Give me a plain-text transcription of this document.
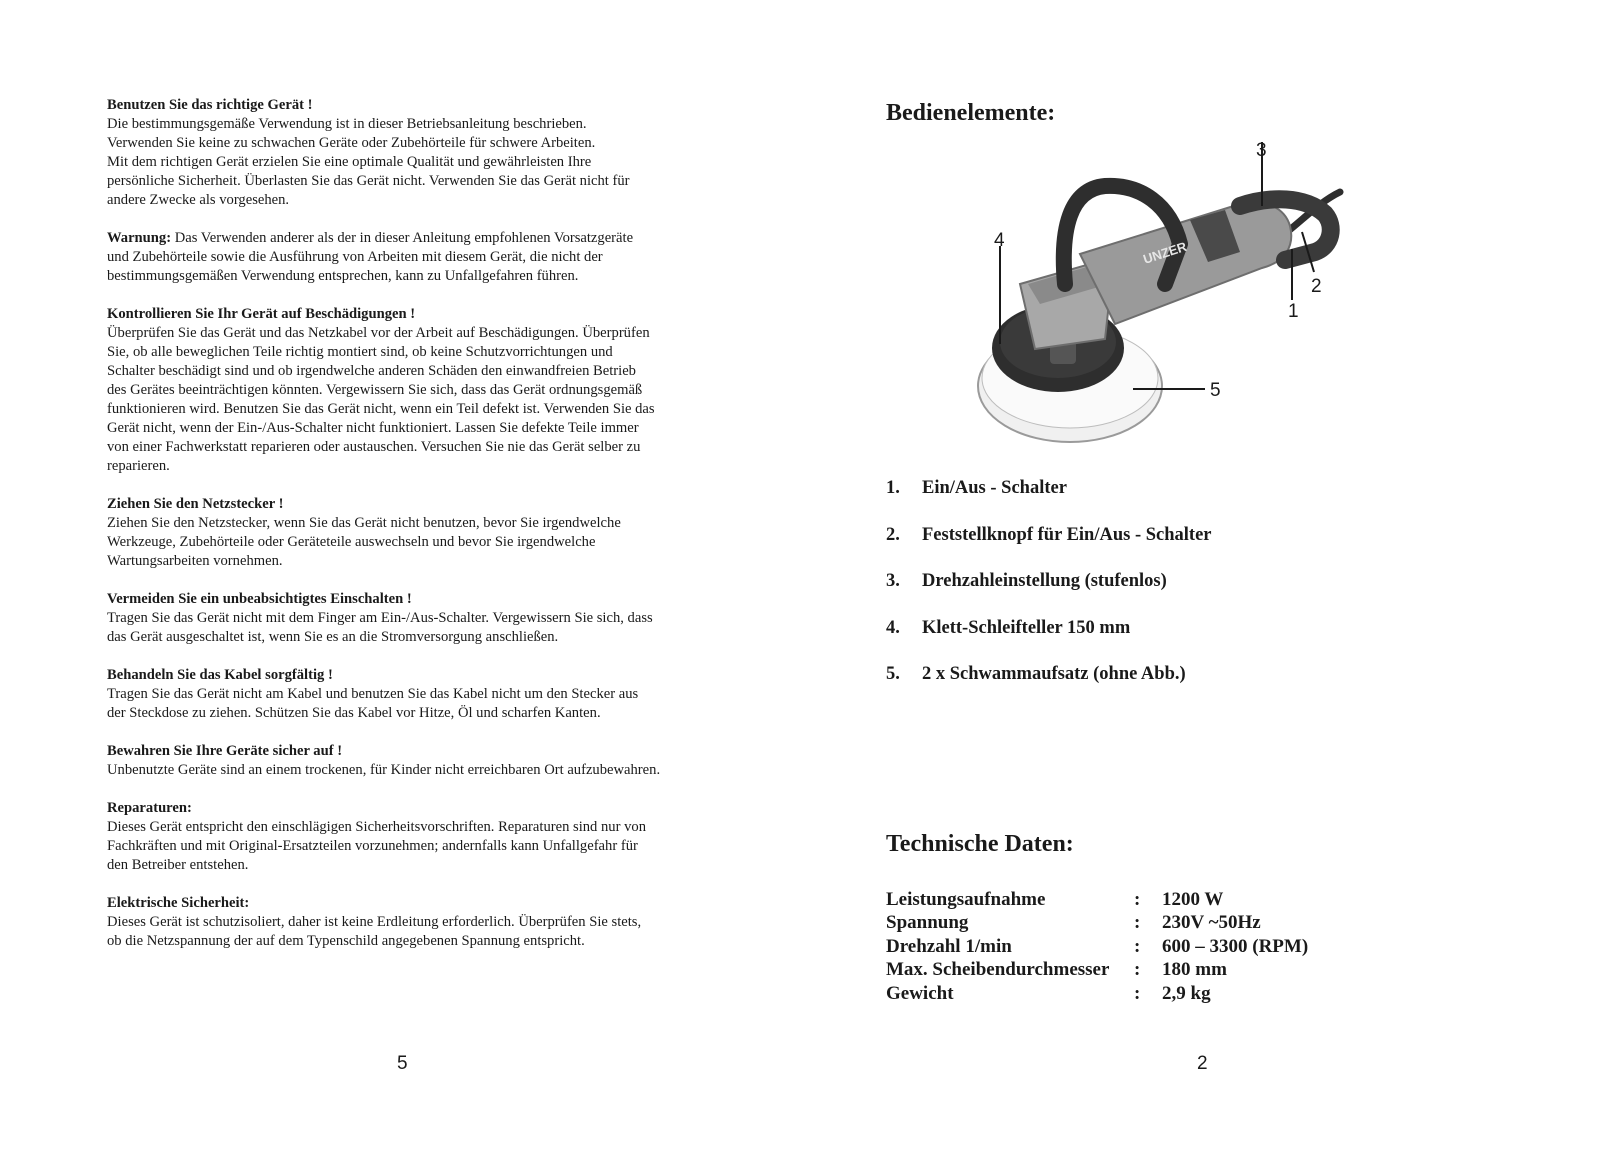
Benutzen Sie das richtige Gerät !
Die bestimmungsgemäße Verwendung ist in dieser Betriebsanleitung beschrieben.
Verwenden Sie keine zu schwachen Geräte oder Zubehörteile für schwere Arbeiten.
Mit dem richtigen Gerät erzielen Sie eine optimale Qualität und gewährleisten Ihre
persönliche Sicherheit. Überlasten Sie das Gerät nicht. Verwenden Sie das Gerät nicht für
andere Zwecke als vorgesehen.
Warnung: Das Verwenden anderer als der in dieser Anleitung empfohlenen Vorsatzgeräte
und Zubehörteile sowie die Ausführung von Arbeiten mit diesem Gerät, die nicht der
bestimmungsgemäßen Verwendung entsprechen, kann zu Unfallgefahren führen.
Kontrollieren Sie Ihr Gerät auf Beschädigungen !
Überprüfen Sie das Gerät und das Netzkabel vor der Arbeit auf Beschädigungen. Überprüfen
Sie, ob alle beweglichen Teile richtig montiert sind, ob keine Schutzvorrichtungen und
Schalter beschädigt sind und ob irgendwelche anderen Schäden den einwandfreien Betrieb
des Gerätes beeinträchtigen könnten. Vergewissern Sie sich, dass das Gerät ordnungsgemäß
funktionieren wird. Benutzen Sie das Gerät nicht, wenn ein Teil defekt ist. Verwenden Sie das
Gerät nicht, wenn der Ein-/Aus-Schalter nicht funktioniert. Lassen Sie defekte Teile immer
von einer Fachwerkstatt reparieren oder austauschen. Versuchen Sie nie das Gerät selber zu
reparieren.
Ziehen Sie den Netzstecker !
Ziehen Sie den Netzstecker, wenn Sie das Gerät nicht benutzen, bevor Sie irgendwelche
Werkzeuge, Zubehörteile oder Geräteteile auswechseln und bevor Sie irgendwelche
Wartungsarbeiten vornehmen.
Vermeiden Sie ein unbeabsichtigtes Einschalten !
Tragen Sie das Gerät nicht mit dem Finger am Ein-/Aus-Schalter. Vergewissern Sie sich, dass
das Gerät ausgeschaltet ist, wenn Sie es an die Stromversorgung anschließen.
Behandeln Sie das Kabel sorgfältig !
Tragen Sie das Gerät nicht am Kabel und benutzen Sie das Kabel nicht um den Stecker aus
der Steckdose zu ziehen. Schützen Sie das Kabel vor Hitze, Öl und scharfen Kanten.
Bewahren Sie Ihre Geräte sicher auf !
Unbenutzte Geräte sind an einem trockenen, für Kinder nicht erreichbaren Ort aufzubewahren.
Reparaturen:
Dieses Gerät entspricht den einschlägigen Sicherheitsvorschriften. Reparaturen sind nur von
Fachkräften und mit Original-Ersatzteilen vorzunehmen; andernfalls kann Unfallgefahr für
den Betreiber entstehen.
Elektrische Sicherheit:
Dieses Gerät ist schutzisoliert, daher ist keine Erdleitung erforderlich. Überprüfen Sie stets,
ob die Netzspannung der auf dem Typenschild angegebenen Spannung entspricht.
5
Bedienelemente:
UNZER
1
2
3
4
5
1.	Ein/Aus - Schalter
2.	Feststellknopf für Ein/Aus - Schalter
3.	Drehzahleinstellung (stufenlos)
4.	Klett-Schleifteller 150 mm
5.	2 x Schwammaufsatz (ohne Abb.)
Technische Daten:
Leistungsaufnahme	:	1200 W
Spannung	:	230V ~50Hz
Drehzahl 1/min	:	600 – 3300 (RPM)
Max. Scheibendurchmesser	:	180 mm
Gewicht	:	2,9 kg
2
